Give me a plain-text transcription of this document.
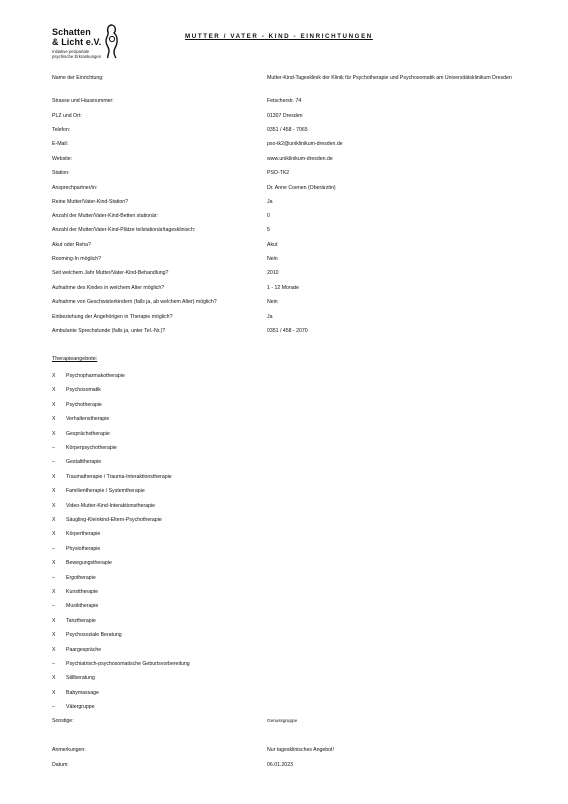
Schatten
& Licht e.V.
Initiative peripartale
psychische Erkrankungen
MUTTER / VATER - KIND - EINRICHTUNGEN
Name der Einrichtung:	Mutter-Kind-Tagesklinik der Klinik für Psychotherapie und Psychosomatik am Universitätsklinikum Dresden
Strasse und Hausnummer:	Fetscherstr. 74
PLZ und Ort:	01307 Dresden
Telefon:	0351 / 458 - 7065
E-Mail:	pso-tk2@uniklinikum-dresden.de
Website:	www.uniklinikum-dresden.de
Station:	PSO-TK2
Ansprechpartner/in:	Dr. Anne Coenen (Oberärztin)
Reine Mutter/Vater-Kind-Station?	Ja
Anzahl der Mutter/Vater-Kind-Betten stationär:	0
Anzahl der Mutter/Vater-Kind-Plätze teilstationär/tagesklinisch:	5
Akut oder Reha?	Akut
Rooming-In möglich?	Nein
Seit welchem Jahr Mutter/Vater-Kind-Behandlung?	2010
Aufnahme des Kindes in welchem Alter möglich?	1 - 12 Monate
Aufnahme von Geschwisterkindern (falls ja, ab welchem Alter) möglich?	Nein
Einbeziehung der Angehörigen in Therapie möglich?	Ja
Ambulante Sprechstunde (falls ja, unter Tel.-Nr.)?	0351 / 458 - 2070
Therapieangebote:
X	Psychopharmakotherapie
X	Psychosomatik
X	Psychotherapie
X	Verhaltenstherapie
X	Gesprächstherapie
–	Körperpsychotherapie
–	Gestalttherapie
X	Traumatherapie / Trauma-Interaktionstherapie
X	Familientherapie / Systemtherapie
X	Video-Mutter-Kind-Interaktionstherapie
X	Säugling-Kleinkind-Eltern-Psychotherapie
X	Körpertherapie
–	Physiotherapie
X	Bewegungstherapie
–	Ergotherapie
X	Kunsttherapie
–	Musiktherapie
X	Tanztherapie
X	Psychosoziale Beratung
X	Paargespräche
–	Psychiatrisch-psychosomatische Geburtsvorbereitung
X	Stillberatung
X	Babymassage
–	Vätergruppe
Sonstige:	Genussgruppe
Anmerkungen:	Nur tagesklinisches Angebot!
Datum:	06.01.2023
